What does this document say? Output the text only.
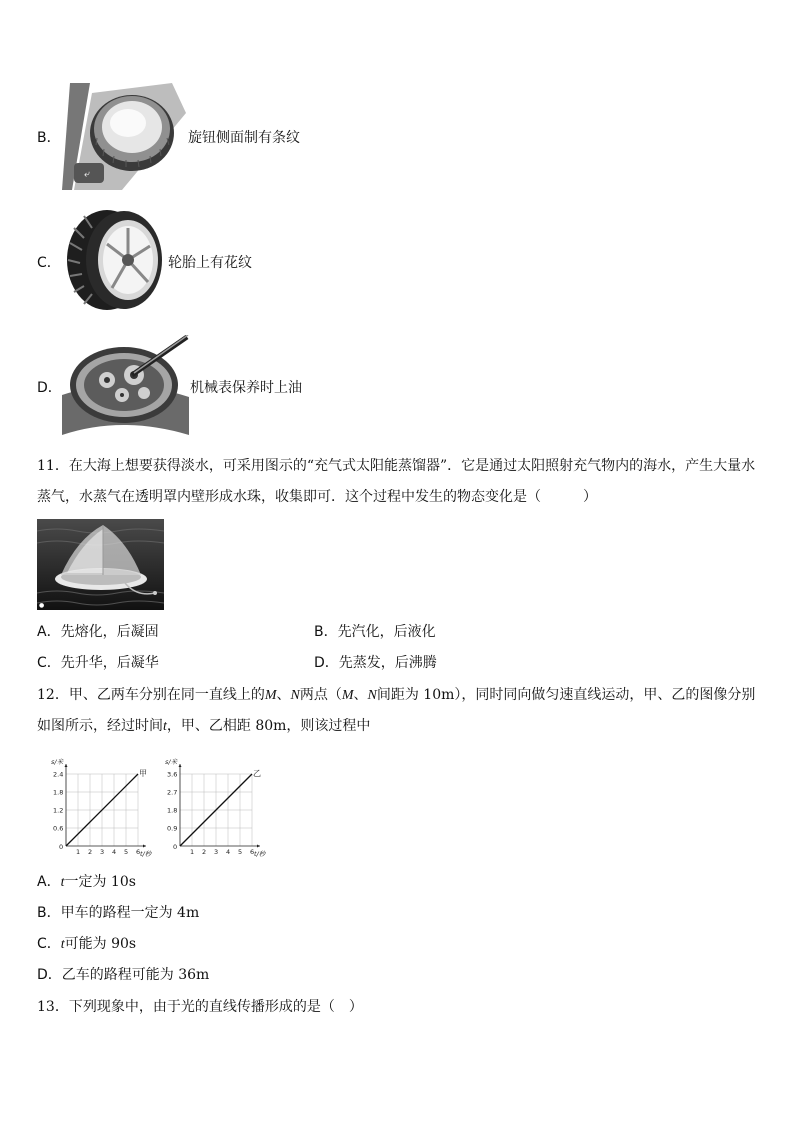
B．
⤶
旋钮侧面制有条纹
C．	轮胎上有花纹
D．	机械表保养时上油
11．在大海上想要获得淡水，可采用图示的“充气式太阳能蒸馏器”．它是通过太阳照射充气物内的海水，产生大量水
蒸气，水蒸气在透明罩内壁形成水珠，收集即可．这个过程中发生的物态变化是（　　　）
●
A．先熔化，后凝固	B．先汽化，后液化
C．先升华，后凝华	D．先蒸发，后沸腾
12．甲、乙两车分别在同一直线上的M、N两点（M、N间距为 10m），同时同向做匀速直线运动，甲、乙的图像分别
如图所示，经过时间t，甲、乙相距 80m，则该过程中
1 2 3 4 5 6
0.6
1.2
1.8
2.4
0
s/米
t/秒
甲
1 2 3 4 5 6
0.9
1.8
2.7
3.6
0
s/米
t/秒
乙
A．t一定为 10s
B．甲车的路程一定为 4m
C．t可能为 90s
D．乙车的路程可能为 36m
13．下列现象中，由于光的直线传播形成的是（　）
